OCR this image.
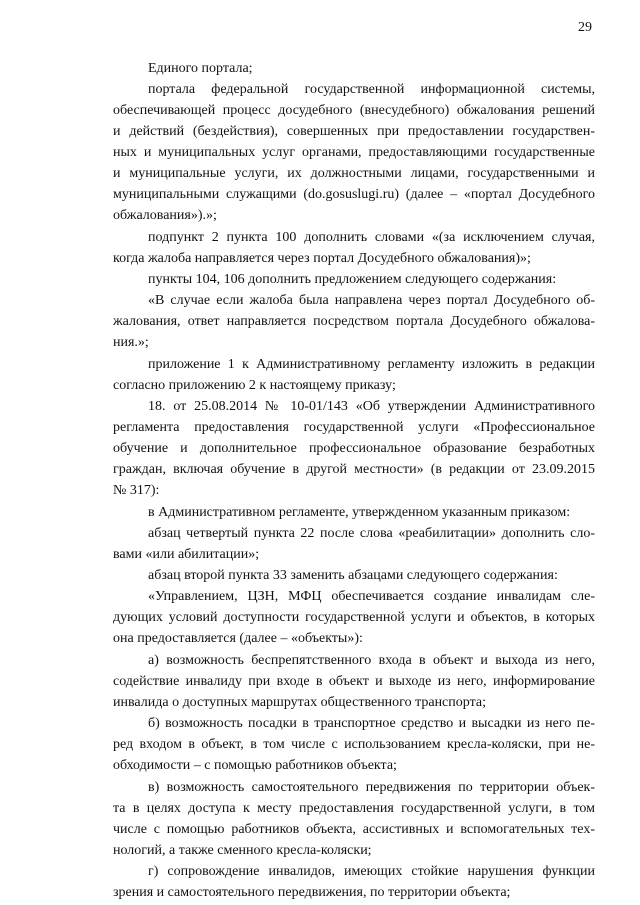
29
Единого портала;
портала федеральной государственной информационной системы,
обеспечивающей процесс досудебного (внесудебного) обжалования решений
и действий (бездействия), совершенных при предоставлении государствен-
ных и муниципальных услуг органами, предоставляющими государственные
и муниципальные услуги, их должностными лицами, государственными и
муниципальными служащими (do.gosuslugi.ru) (далее – «портал Досудебного
обжалования»).»;
подпункт 2 пункта 100 дополнить словами «(за исключением случая,
когда жалоба направляется через портал Досудебного обжалования)»;
пункты 104, 106 дополнить предложением следующего содержания:
«В случае если жалоба была направлена через портал Досудебного об-
жалования, ответ направляется посредством портала Досудебного обжалова-
ния.»;
приложение 1 к Административному регламенту изложить в редакции
согласно приложению 2 к настоящему приказу;
18. от 25.08.2014 № 10-01/143 «Об утверждении Административного
регламента предоставления государственной услуги «Профессиональное
обучение и дополнительное профессиональное образование безработных
граждан, включая обучение в другой местности» (в редакции от 23.09.2015
№ 317):
в Административном регламенте, утвержденном указанным приказом:
абзац четвертый пункта 22 после слова «реабилитации» дополнить сло-
вами «или абилитации»;
абзац второй пункта 33 заменить абзацами следующего содержания:
«Управлением, ЦЗН, МФЦ обеспечивается создание инвалидам сле-
дующих условий доступности государственной услуги и объектов, в которых
она предоставляется (далее – «объекты»):
а) возможность беспрепятственного входа в объект и выхода из него,
содействие инвалиду при входе в объект и выходе из него, информирование
инвалида о доступных маршрутах общественного транспорта;
б) возможность посадки в транспортное средство и высадки из него пе-
ред входом в объект, в том числе с использованием кресла-коляски, при не-
обходимости – с помощью работников объекта;
в) возможность самостоятельного передвижения по территории объек-
та в целях доступа к месту предоставления государственной услуги, в том
числе с помощью работников объекта, ассистивных и вспомогательных тех-
нологий, а также сменного кресла-коляски;
г) сопровождение инвалидов, имеющих стойкие нарушения функции
зрения и самостоятельного передвижения, по территории объекта;
